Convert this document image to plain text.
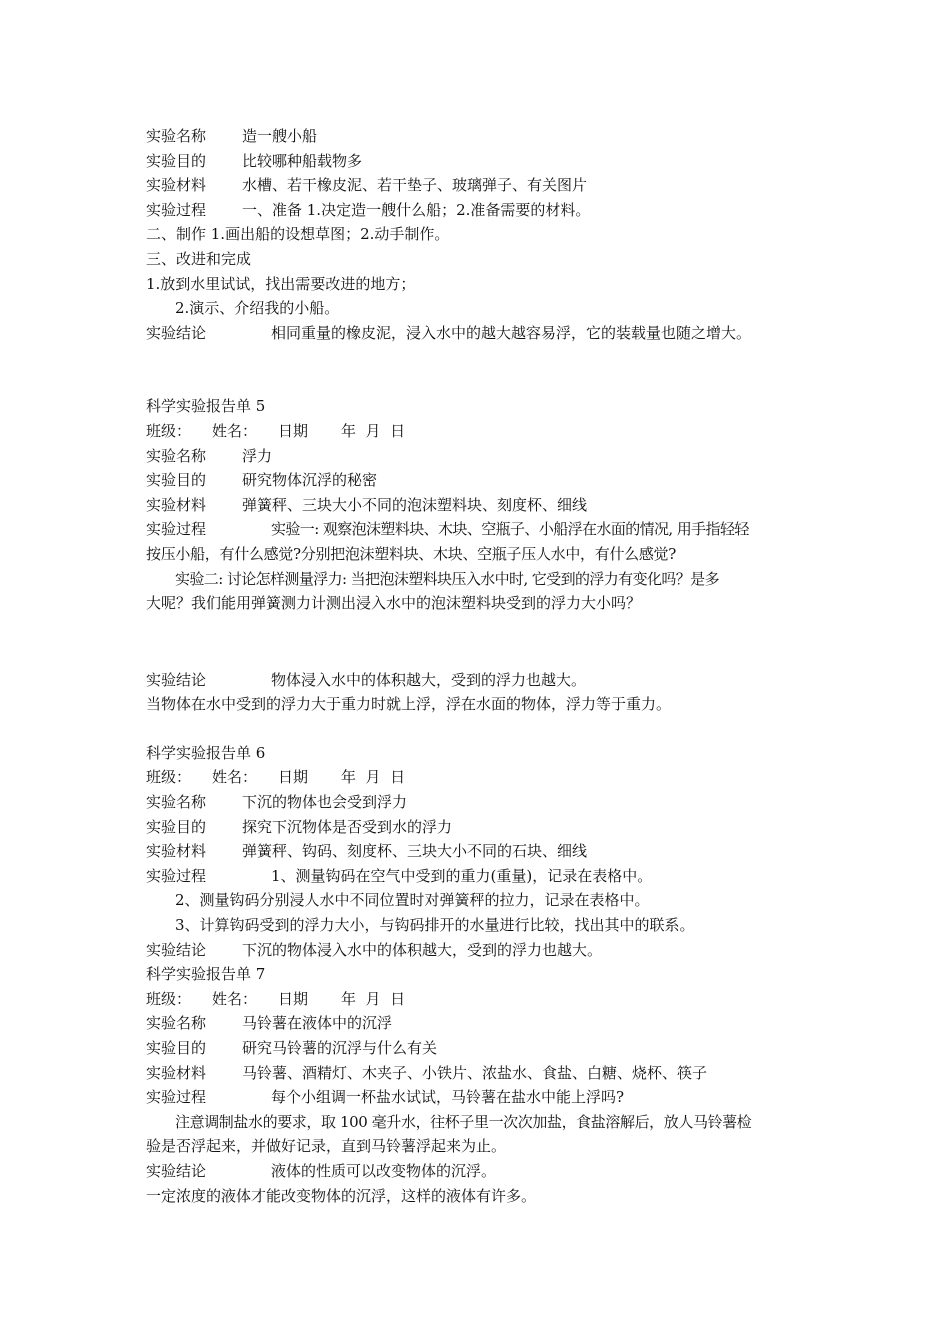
实验名称 造一艘小船
实验目的 比较哪种船载物多
实验材料 水槽、若干橡皮泥、若干垫子、玻璃弹子、有关图片
实验过程 一、准备 1.决定造一艘什么船；2.准备需要的材料。
二、制作 1.画出船的设想草图；2.动手制作。
三、改进和完成
1.放到水里试试，找出需要改进的地方；
2.演示、介绍我的小船。
实验结论	相同重量的橡皮泥，浸入水中的越大越容易浮，它的装载量也随之增大。
科学实验报告单 5
班级： 姓名： 日期 年  月  日
实验名称 浮力
实验目的 研究物体沉浮的秘密
实验材料 弹簧秤、三块大小不同的泡沫塑料块、刻度杯、细线
实验过程	实验一: 观察泡沫塑料块、木块、空瓶子、小船浮在水面的情况, 用手指轻轻
按压小船，有什么感觉?分别把泡沫塑料块、木块、空瓶子压人水中，有什么感觉?
实验二: 讨论怎样测量浮力: 当把泡沫塑料块压入水中时, 它受到的浮力有变化吗？是多
大呢？我们能用弹簧测力计测出浸入水中的泡沫塑料块受到的浮力大小吗？
实验结论	物体浸入水中的体积越大，受到的浮力也越大。
当物体在水中受到的浮力大于重力时就上浮，浮在水面的物体，浮力等于重力。
科学实验报告单 6
班级： 姓名： 日期 年  月  日
实验名称 下沉的物体也会受到浮力
实验目的 探究下沉物体是否受到水的浮力
实验材料 弹簧秤、钩码、刻度杯、三块大小不同的石块、细线
实验过程	1、测量钩码在空气中受到的重力(重量)，记录在表格中。
2、测量钩码分别浸人水中不同位置时对弹簧秤的拉力，记录在表格中。
3、计算钩码受到的浮力大小，与钩码排开的水量进行比较，找出其中的联系。
实验结论 下沉的物体浸入水中的体积越大，受到的浮力也越大。
科学实验报告单 7
班级： 姓名： 日期 年  月  日
实验名称 马铃薯在液体中的沉浮
实验目的 研究马铃薯的沉浮与什么有关
实验材料 马铃薯、酒精灯、木夹子、小铁片、浓盐水、食盐、白糖、烧杯、筷子
实验过程	每个小组调一杯盐水试试，马铃薯在盐水中能上浮吗?
注意调制盐水的要求，取 100 毫升水，往杯子里一次次加盐，食盐溶解后，放人马铃薯检
验是否浮起来，并做好记录，直到马铃薯浮起来为止。
实验结论	液体的性质可以改变物体的沉浮。
一定浓度的液体才能改变物体的沉浮，这样的液体有许多。
